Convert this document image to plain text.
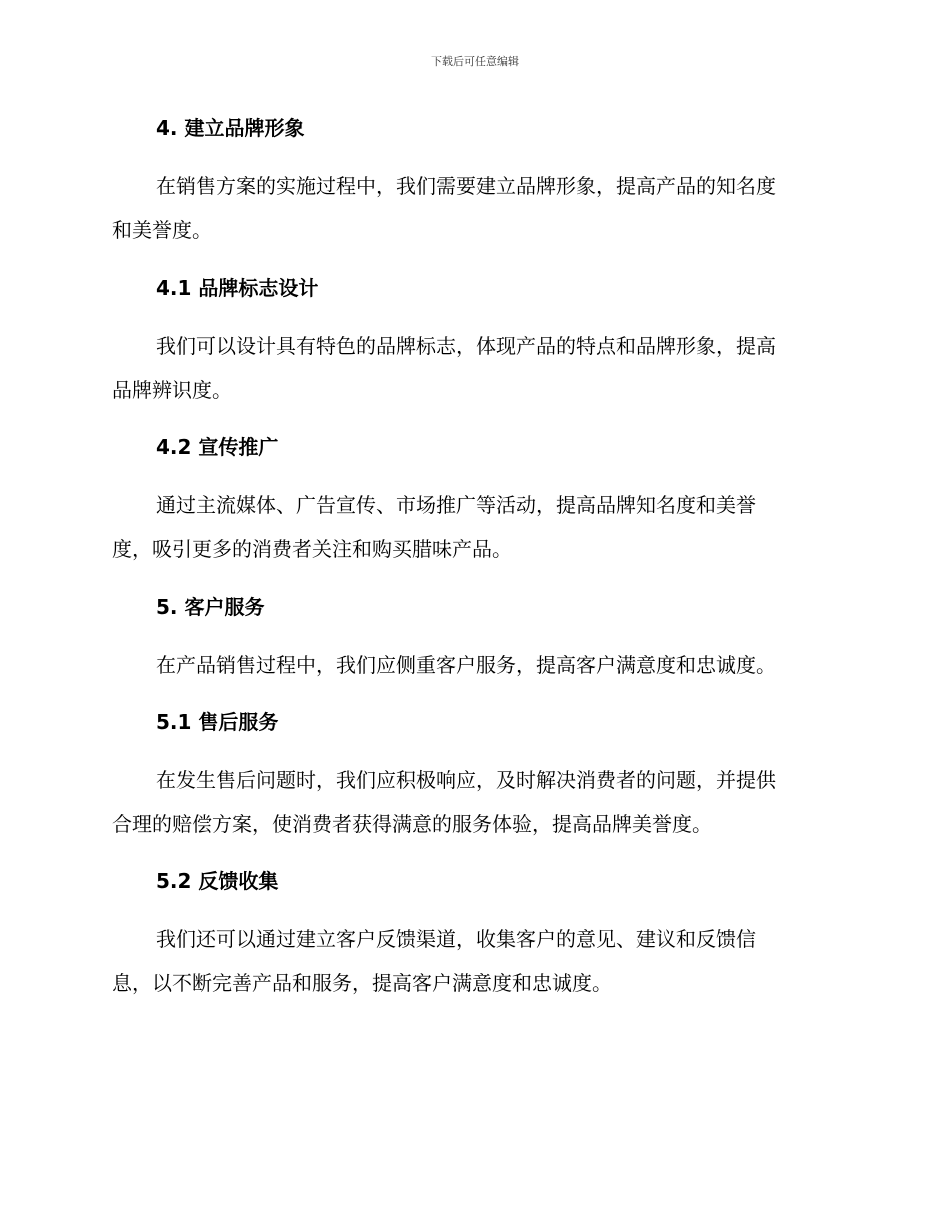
下载后可任意编辑
4. 建立品牌形象

在销售方案的实施过程中，我们需要建立品牌形象，提高产品的知名度
和美誉度。

4.1 品牌标志设计

我们可以设计具有特色的品牌标志，体现产品的特点和品牌形象，提高
品牌辨识度。

4.2 宣传推广

通过主流媒体、广告宣传、市场推广等活动，提高品牌知名度和美誉
度，吸引更多的消费者关注和购买腊味产品。

5. 客户服务

在产品销售过程中，我们应侧重客户服务，提高客户满意度和忠诚度。

5.1 售后服务

在发生售后问题时，我们应积极响应，及时解决消费者的问题，并提供
合理的赔偿方案，使消费者获得满意的服务体验，提高品牌美誉度。

5.2 反馈收集

我们还可以通过建立客户反馈渠道，收集客户的意见、建议和反馈信
息，以不断完善产品和服务，提高客户满意度和忠诚度。
